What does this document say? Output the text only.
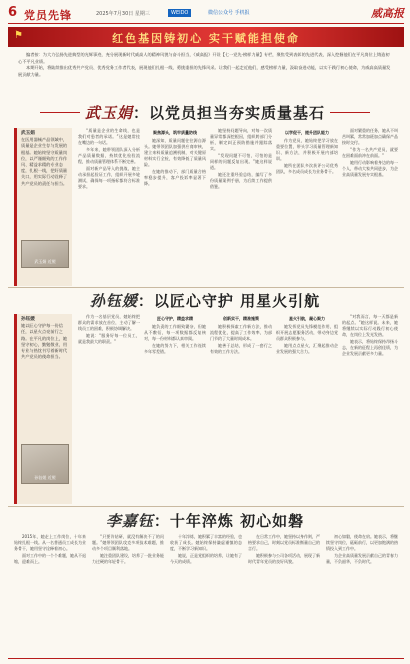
6 党员先锋	2025年7月30日 星期三	WEIDO	微信公众号 手机报	威高报
⚑	红色基因铸初心 实干赋能担使命

编者按：为大力弘扬先进典型的光辉事迹，充分展现新时代威高人的精神风貌与奋斗担当，《威高报》开设【七一党先·榜样力量】专栏，聚焦受到表彰的先进代表，深入挖掘他们在平凡岗位上铸造初心不平凡业绩。

本期开始，将陆续推出优秀共产党员、优秀党务工作者代表，展现他们扎根一线、勇挑重担的先锋风采。让我们一起走近他们，感受榜样力量，汲取奋进动能，以实干践行初心使命，为威高高质量发展贡献力量。

武玉娟：以党员担当夯实质量基石
武玉娟
在医用器械产品领域中，质量是企业生存与发展的根基。她始终坚守质量岗位，以严谨细致的工作作风、精益求精的专业态度，扎根一线，把好质量关口，用实际行动诠释了共产党员的责任与担当。
武玉娟 近照

“质量是企业的生命线，也是我们对患者的承诺。”这是她常挂在嘴边的一句话。

多年来，她带领团队深入分析产品质量数据，持续优化检验流程，推动质量管理体系不断完善。

面对新产品导入的挑战，她主动承担起验证工作，组织开展多轮测试，确保每一项指标都符合标准要求。

聚焦源头，筑牢质量防线

她深知，质量问题往往源自源头。她带领团队加强供应商审核，建立来料质量追溯机制，对关键原材料实行全检，有效降低了质量风险。

在她的推动下，部门质量合格率稳步提升，客户投诉率显著下降。

她坚持问题导向，对每一次质量异常都深挖根因，组织跨部门分析，制定纠正预防措施并跟踪落实。

“发现问题不可怕，可怕的是同样的问题反复出现。”她这样说道。

她还注重经验总结，编写了多份质量案例手册，为后续工作提供借鉴。

以学促干，提升团队能力

作为党员，她始终把学习放在重要位置，带头学习质量管理新知识、新方法，并积极开展内部培训。

她所在团队多次获评公司优秀团队，多名成员成长为业务骨干。

面对繁重的任务，她从不叫苦叫累，常常加班加点确保产品按时交付。

“作为一名共产党员，就要在困难面前冲在前面。”

她用行动影响着身边的每一个人，带动大家共同进步，为企业高质量发展夯实根基。

孙钰媛：以匠心守护 用星火引航
孙钰媛
她以匠心守护每一份信任，以星火点亮前行之路。在平凡的岗位上，她坚守初心，勤勉敬业，用专业与热忱书写着新时代共产党员的使命担当。
孙钰媛 近照

作为一名基层党员，她始终把群众的需求放在首位，主动了解一线员工的困难，积极协调解决。

她说：“服务好每一位员工，就是我最大的职责。”

匠心守护，精益求精

她负责的工作细致繁杂，但她从不敷衍，每一项数据都反复核对，每一份材料都认真审阅。

在她的努力下，相关工作连续多年零差错。

创新实干，精准施策

她积极探索工作新方法，推动流程优化，提高了工作效率，为部门节约了大量时间成本。

她善于总结，形成了一套行之有效的工作方法。

星火引航，凝心聚力

她发挥党员先锋模范作用，组织开展志愿服务活动，带动身边党员群众积极参与。

她用点点星火，汇聚起推动企业发展的强大合力。

“对我而言，每一天都是新的起点。”她这样说。未来，她将继续以实际行动践行初心使命，在岗位上发光发热。

她表示，将始终保持昂扬斗志，在新的征程上再创佳绩，为企业发展贡献更多力量。

李嘉钰：十年淬炼 初心如磐

2015年，她走上工作岗位，十年来始终扎根一线。从一名普通员工成长为业务骨干，她用坚守诠释着初心。

面对工作中的一个个难题，她从不退缩，迎难而上。

“只要肯钻研，就没有解决不了的问题。”她带领团队攻克多项技术难题，推动多个项目顺利落地。

她注重团队建设，培养了一批业务能力过硬的年轻骨干。

十年淬炼，她积累了丰富的经验，也收获了成长。她始终保持谦虚谨慎的态度，不断学习新知识。

她说，正是党组织的培养，让她有了今天的成绩。

在日常工作中，她坚持以身作则，严格要求自己，时刻以党员标准衡量自己的言行。

她积极参与公司各项活动，展现了新时代青年党员的良好风貌。

初心如磐，使命在肩。她表示，将继续坚守岗位，砥砺前行，以更加饱满的热情投入到工作中。

为企业高质量发展贡献自己的青春力量，不负韶华，不负时代。
